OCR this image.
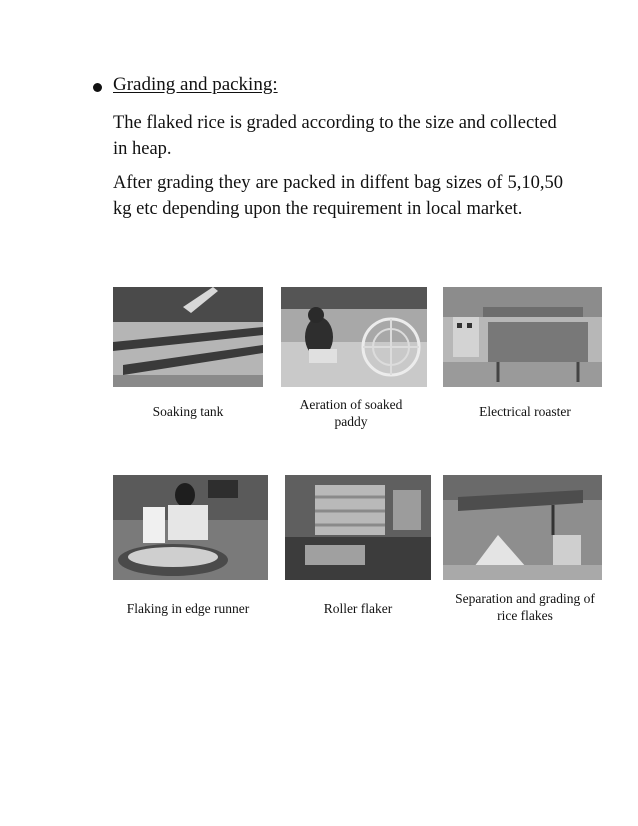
Grading and packing:
The flaked rice is graded according to the size and collected in heap.
After grading they are packed in diffent bag sizes of 5,10,50 kg etc depending upon the requirement in local market.
Soaking tank	Aeration of soaked paddy
Electrical roaster
Flaking in edge runner	Roller flaker
Separation and grading of rice flakes
